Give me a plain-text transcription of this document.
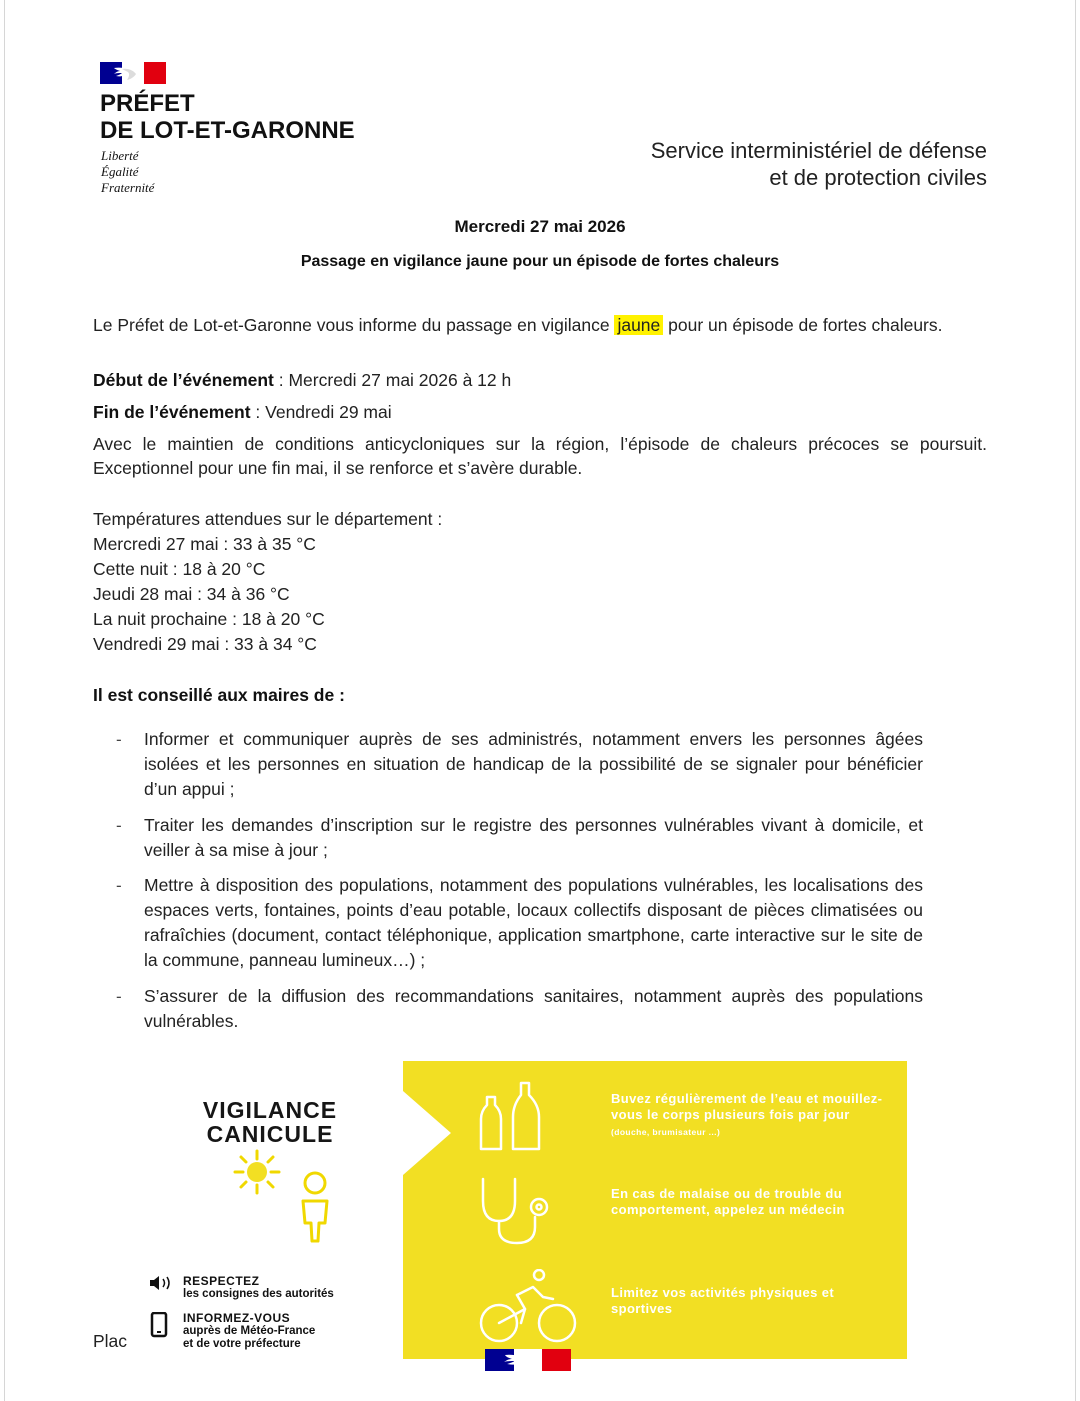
PRÉFET
DE LOT-ET-GARONNE
Liberté
Égalité
Fraternité
Service interministériel de défense
et de protection civiles
Mercredi 27 mai 2026
Passage en vigilance jaune pour un épisode de fortes chaleurs
Le Préfet de Lot-et-Garonne vous informe du passage en vigilance jaune pour un épisode de fortes chaleurs.
Début de l’événement : Mercredi 27 mai 2026 à 12 h
Fin de l’événement : Vendredi 29 mai
Avec le maintien de conditions anticycloniques sur la région, l’épisode de chaleurs précoces se poursuit. Exceptionnel pour une fin mai, il se renforce et s’avère durable.
Températures attendues sur le département :
Mercredi 27 mai : 33 à 35 °C
Cette nuit : 18 à 20 °C
Jeudi 28 mai : 34 à 36 °C
La nuit prochaine : 18 à 20 °C
Vendredi 29 mai : 33 à 34 °C
Il est conseillé aux maires de :
- Informer et communiquer auprès de ses administrés, notamment envers les personnes âgées isolées et les personnes en situation de handicap de la possibilité de se signaler pour bénéficier d’un appui ;
- Traiter les demandes d’inscription sur le registre des personnes vulnérables vivant à domicile, et veiller à sa mise à jour ;
- Mettre à disposition des populations, notamment des populations vulnérables, les localisations des espaces verts, fontaines, points d’eau potable, locaux collectifs disposant de pièces climatisées ou rafraîchies (document, contact téléphonique, application smartphone, carte interactive sur le site de la commune, panneau lumineux…) ;
- S’assurer de la diffusion des recommandations sanitaires, notamment auprès des populations vulnérables.
VIGILANCE
CANICULE
RESPECTEZ
les consignes des autorités
INFORMEZ-VOUS
auprès de Météo-France
et de votre préfecture
Buvez régulièrement de l’eau et mouillez-vous le corps plusieurs fois par jour (douche, brumisateur ...)
En cas de malaise ou de trouble du comportement, appelez un médecin
Limitez vos activités physiques et sportives
Plac
